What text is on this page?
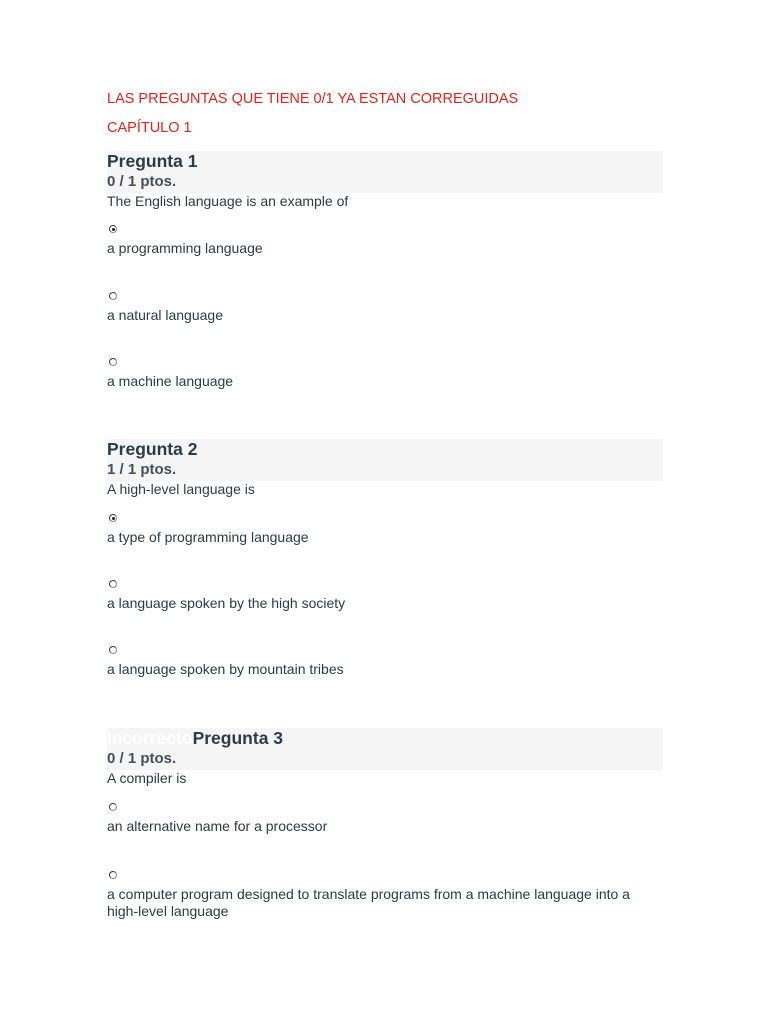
LAS PREGUNTAS QUE TIENE 0/1 YA ESTAN CORREGUIDAS
CAPÍTULO 1
Pregunta 1
0 / 1 ptos.
The English language is an example of
a programming language
a natural language
a machine language
Pregunta 2
1 / 1 ptos.
A high-level language is
a type of programming language
a language spoken by the high society
a language spoken by mountain tribes
IncorrectoPregunta 3
0 / 1 ptos.
A compiler is
an alternative name for a processor
a computer program designed to translate programs from a machine language into a high-level language
